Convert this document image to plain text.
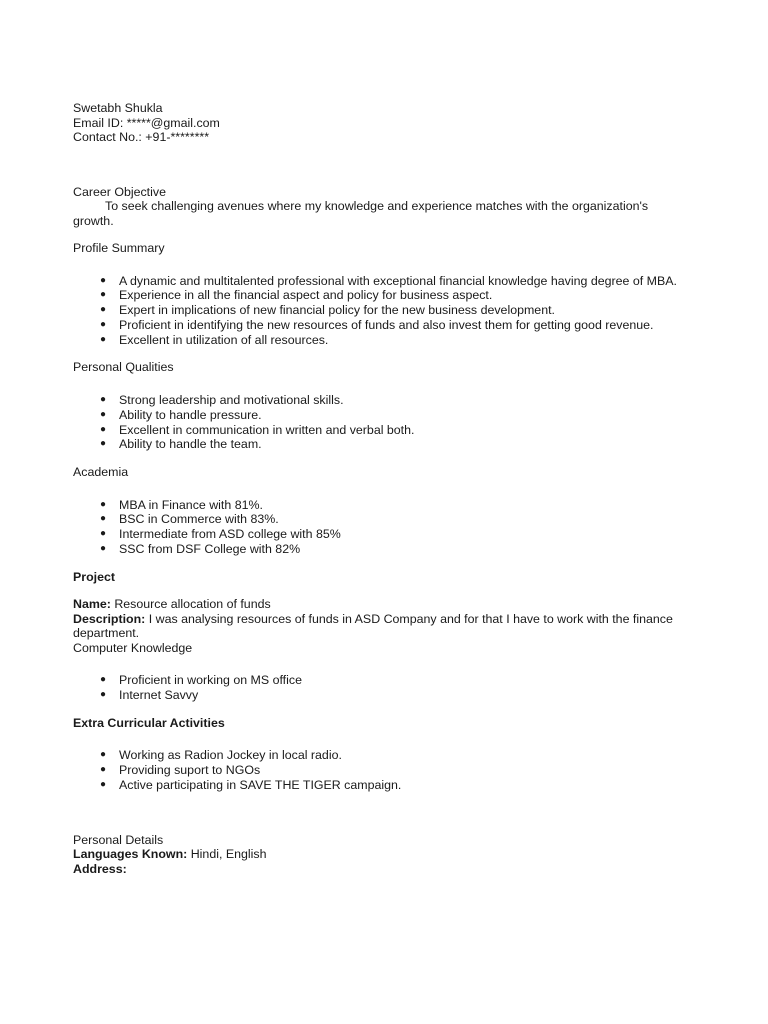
Swetabh Shukla
Email ID: *****@gmail.com
Contact No.: +91-********
Career Objective
To seek challenging avenues where my knowledge and experience matches with the organization's growth.
Profile Summary
● A dynamic and multitalented professional with exceptional financial knowledge having degree of MBA.
● Experience in all the financial aspect and policy for business aspect.
● Expert in implications of new financial policy for the new business development.
● Proficient in identifying the new resources of funds and also invest them for getting good revenue.
● Excellent in utilization of all resources.
Personal Qualities
● Strong leadership and motivational skills.
● Ability to handle pressure.
● Excellent in communication in written and verbal both.
● Ability to handle the team.
Academia
● MBA in Finance with 81%.
● BSC in Commerce with 83%.
● Intermediate from ASD college with 85%
● SSC from DSF College with 82%
Project
Name: Resource allocation of funds
Description: I was analysing resources of funds in ASD Company and for that I have to work with the finance department.
Computer Knowledge
● Proficient in working on MS office
● Internet Savvy
Extra Curricular Activities
● Working as Radion Jockey in local radio.
● Providing suport to NGOs
● Active participating in SAVE THE TIGER campaign.
Personal Details
Languages Known: Hindi, English
Address:
